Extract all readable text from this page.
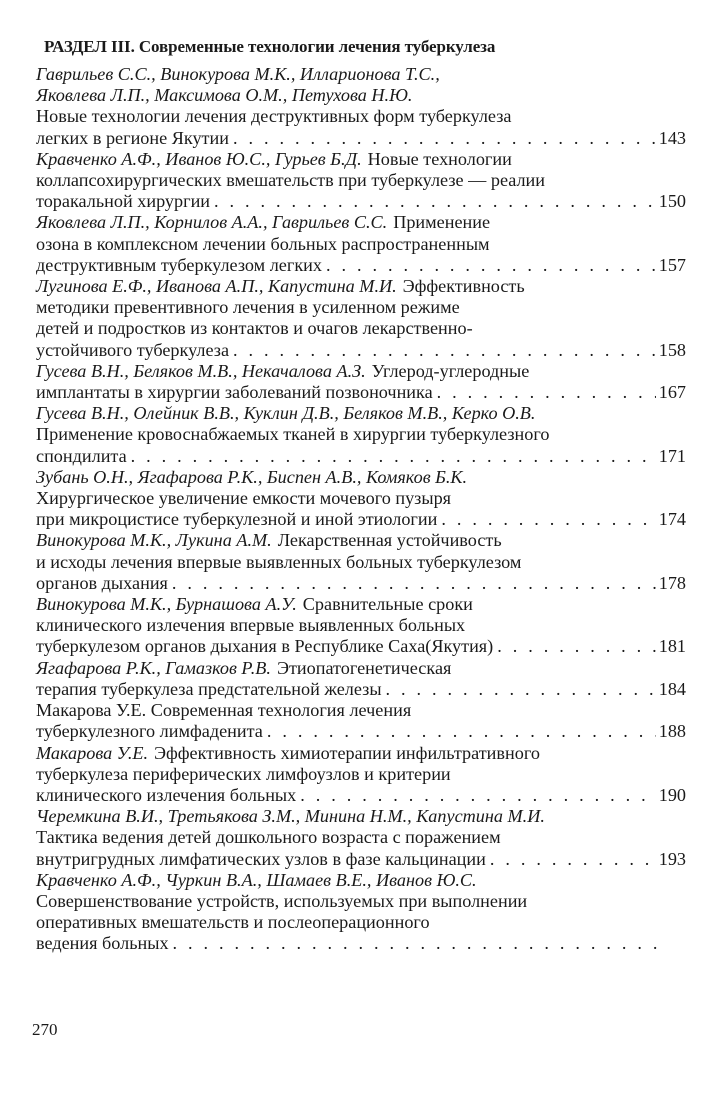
РАЗДЕЛ III. Современные технологии лечения туберкулеза
Гаврильев С.С., Винокурова М.К., Илларионова Т.С.,
Яковлева Л.П., Максимова О.М., Петухова Н.Ю.
Новые технологии лечения деструктивных форм туберкулеза
легких в регионе Якутии . . .	143
Кравченко А.Ф., Иванов Ю.С., Гурьев Б.Д. Новые технологии
коллапсохирургических вмешательств при туберкулезе — реалии
торакальной хирургии . . .	150
Яковлева Л.П., Корнилов А.А., Гаврильев С.С. Применение
озона в комплексном лечении больных распространенным
деструктивным туберкулезом легких . . .	157
Лугинова Е.Ф., Иванова А.П., Капустина М.И. Эффективность
методики превентивного лечения в усиленном режиме
детей и подростков из контактов и очагов лекарственно-
устойчивого туберкулеза . . .	158
Гусева В.Н., Беляков М.В., Некачалова А.З. Углерод-углеродные
имплантаты в хирургии заболеваний позвоночника . . .	167
Гусева В.Н., Олейник В.В., Куклин Д.В., Беляков М.В., Керко О.В.
Применение кровоснабжаемых тканей в хирургии туберкулезного
спондилита . . .	171
Зубань О.Н., Ягафарова Р.К., Биспен А.В., Комяков Б.К.
Хирургическое увеличение емкости мочевого пузыря
при микроцистисе туберкулезной и иной этиологии . . .	174
Винокурова М.К., Лукина А.М. Лекарственная устойчивость
и исходы лечения впервые выявленных больных туберкулезом
органов дыхания . . .	178
Винокурова М.К., Бурнашова А.У. Сравнительные сроки
клинического излечения впервые выявленных больных
туберкулезом органов дыхания в Республике Саха(Якутия) . . .	181
Ягафарова Р.К., Гамазков Р.В. Этиопатогенетическая
терапия туберкулеза предстательной железы . . .	184
Макарова У.Е. Современная технология лечения
туберкулезного лимфаденита . . .	188
Макарова У.Е. Эффективность химиотерапии инфильтративного
туберкулеза периферических лимфоузлов и критерии
клинического излечения больных . . .	190
Черемкина В.И., Третьякова З.М., Минина Н.М., Капустина М.И.
Тактика ведения детей дошкольного возраста с поражением
внутригрудных лимфатических узлов в фазе кальцинации . . .	193
Кравченко А.Ф., Чуркин В.А., Шамаев В.Е., Иванов Ю.С.
Совершенствование устройств, используемых при выполнении
оперативных вмешательств и послеоперационного
ведения больных
. . .
270
